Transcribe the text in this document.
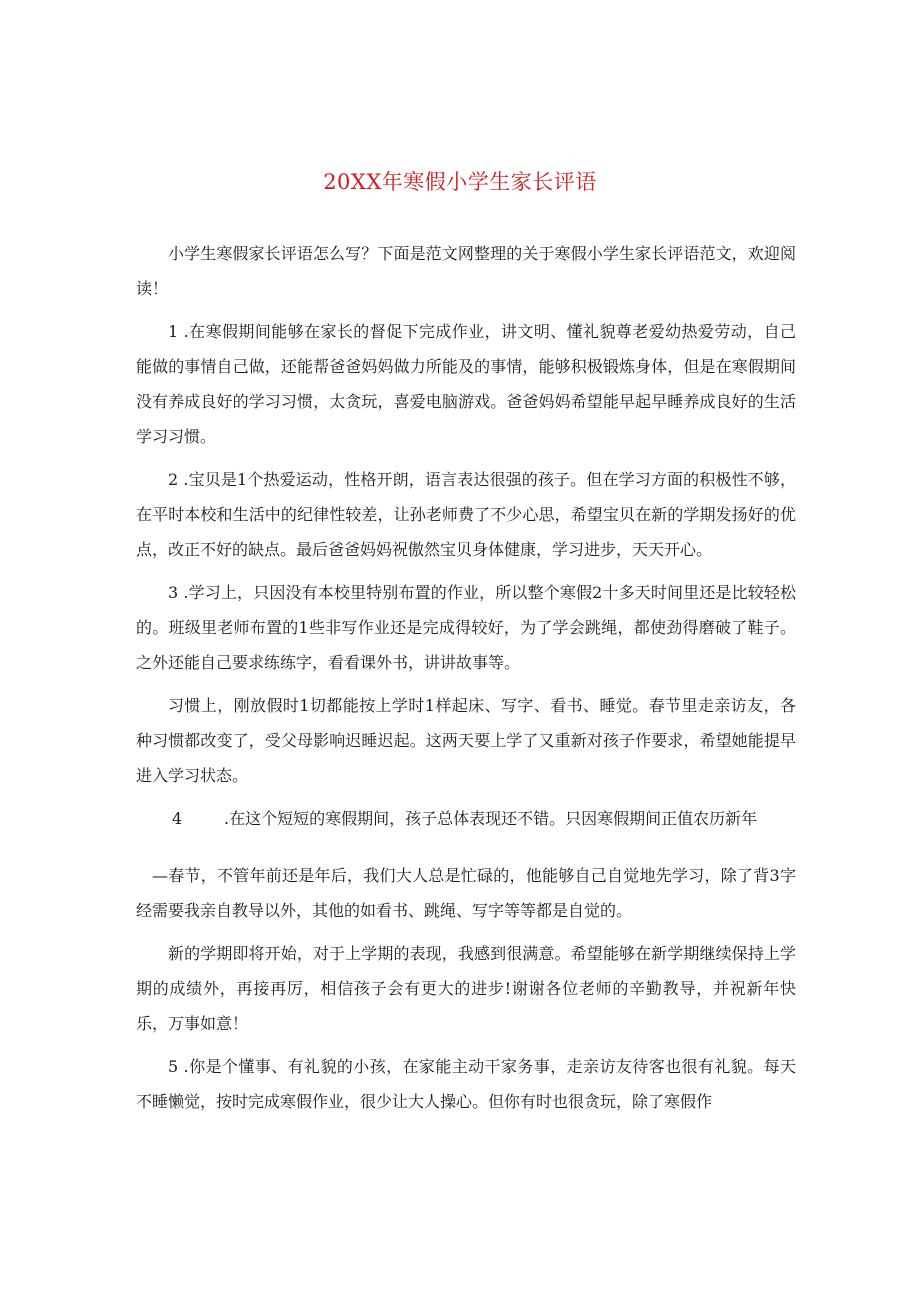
20XX年寒假小学生家长评语

小学生寒假家长评语怎么写？下面是范文网整理的关于寒假小学生家长评语范文，欢迎阅读！

1 .在寒假期间能够在家长的督促下完成作业，讲文明、懂礼貌尊老爱幼热爱劳动，自己能做的事情自己做，还能帮爸爸妈妈做力所能及的事情，能够积极锻炼身体，但是在寒假期间没有养成良好的学习习惯，太贪玩，喜爱电脑游戏。爸爸妈妈希望能早起早睡养成良好的生活学习习惯。

2 .宝贝是1个热爱运动，性格开朗，语言表达很强的孩子。但在学习方面的积极性不够，在平时本校和生活中的纪律性较差，让孙老师费了不少心思，希望宝贝在新的学期发扬好的优点，改正不好的缺点。最后爸爸妈妈祝傲然宝贝身体健康，学习进步，天天开心。

3 .学习上，只因没有本校里特别布置的作业，所以整个寒假2十多天时间里还是比较轻松的。班级里老师布置的1些非写作业还是完成得较好，为了学会跳绳，都使劲得磨破了鞋子。之外还能自己要求练练字，看看课外书，讲讲故事等。

习惯上，刚放假时1切都能按上学时1样起床、写字、看书、睡觉。春节里走亲访友，各种习惯都改变了，受父母影响迟睡迟起。这两天要上学了又重新对孩子作要求，希望她能提早进入学习状态。

4	.在这个短短的寒假期间，孩子总体表现还不错。只因寒假期间正值农历新年

—春节，不管年前还是年后，我们大人总是忙碌的，他能够自己自觉地先学习，除了背3字经需要我亲自教导以外，其他的如看书、跳绳、写字等等都是自觉的。

新的学期即将开始，对于上学期的表现，我感到很满意。希望能够在新学期继续保持上学期的成绩外，再接再厉，相信孩子会有更大的进步!谢谢各位老师的辛勤教导，并祝新年快乐，万事如意！

5 .你是个懂事、有礼貌的小孩，在家能主动干家务事，走亲访友待客也很有礼貌。每天不睡懒觉，按时完成寒假作业，很少让大人操心。但你有时也很贪玩，除了寒假作
